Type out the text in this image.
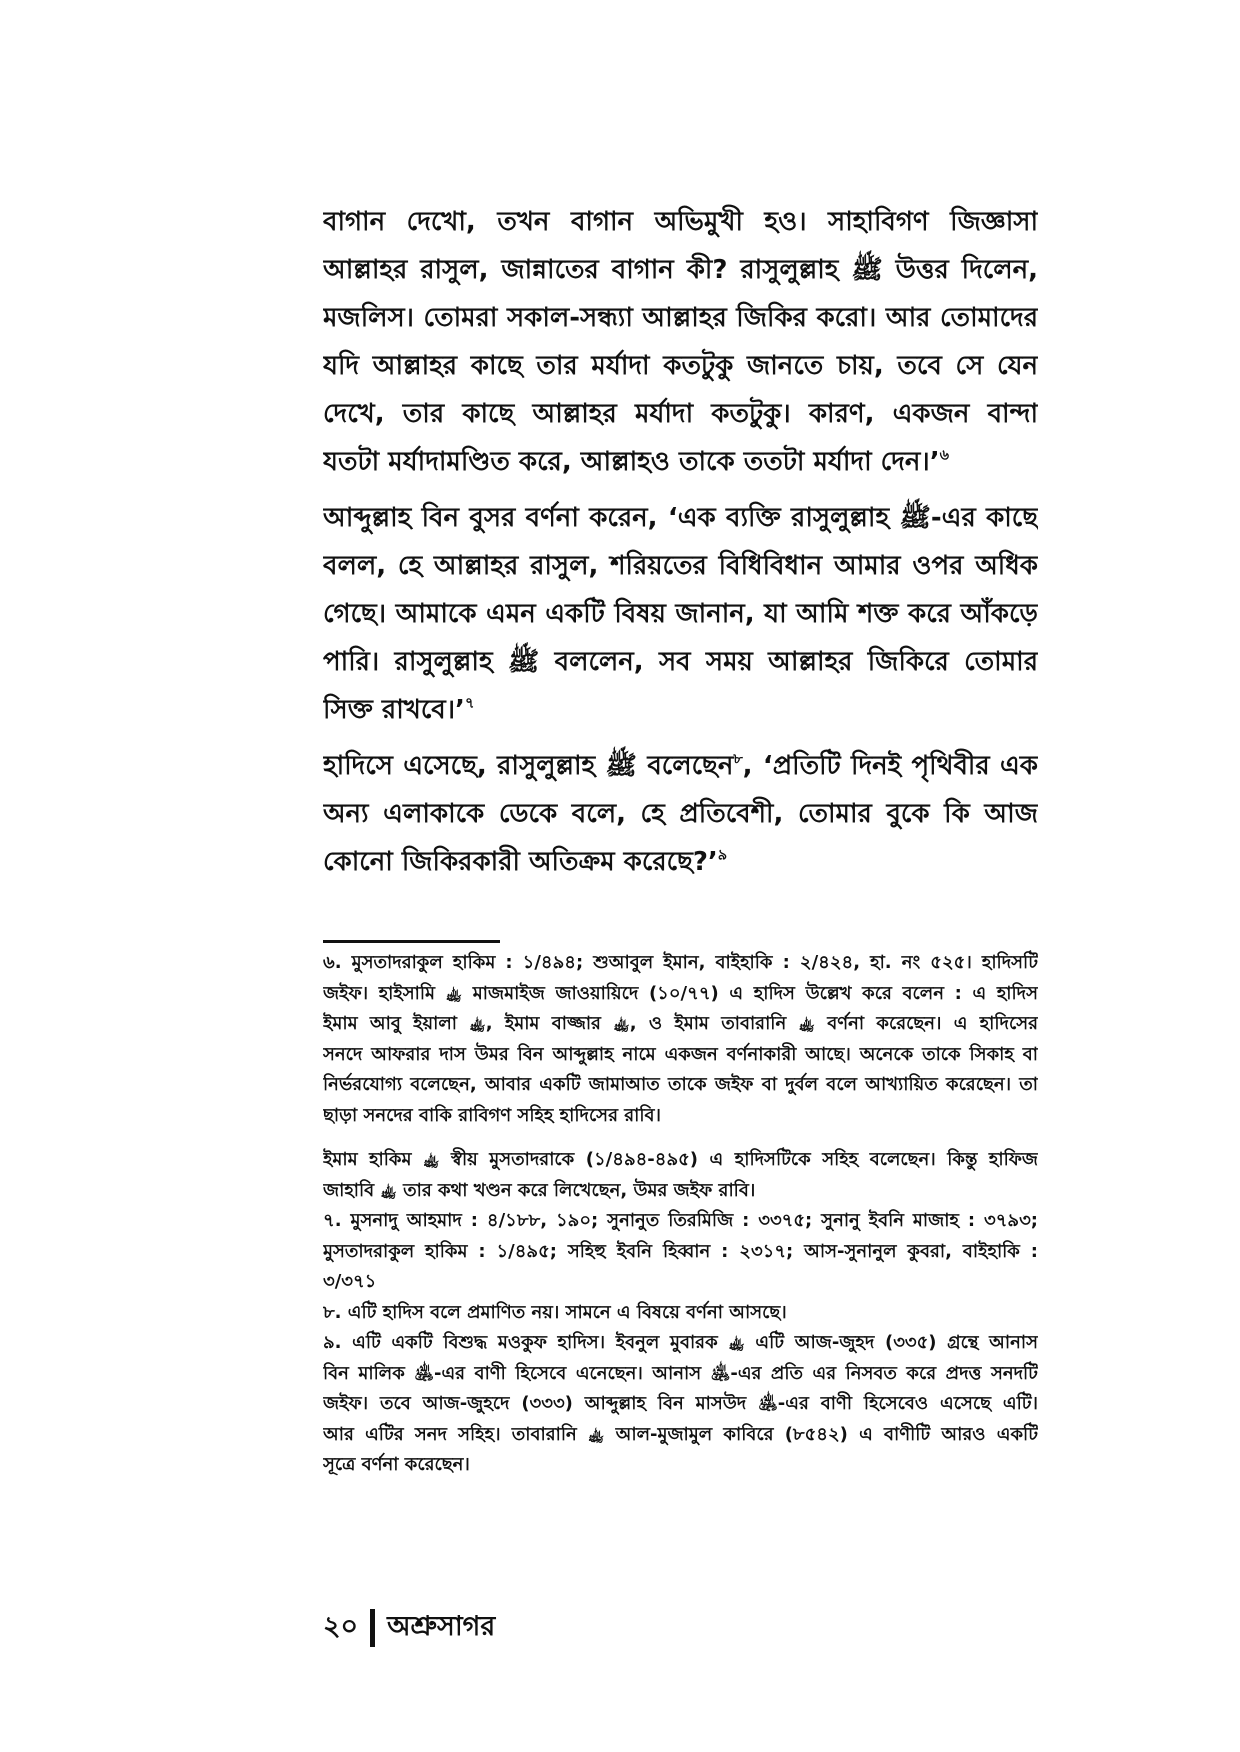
বাগান দেখো, তখন বাগান অভিমুখী হও। সাহাবিগণ জিজ্ঞাসা
আল্লাহর রাসুল, জান্নাতের বাগান কী? রাসুলুল্লাহ ﷺ উত্তর দিলেন,
মজলিস। তোমরা সকাল-সন্ধ্যা আল্লাহর জিকির করো। আর তোমাদের
যদি আল্লাহর কাছে তার মর্যাদা কতটুকু জানতে চায়, তবে সে যেন
দেখে, তার কাছে আল্লাহর মর্যাদা কতটুকু। কারণ, একজন বান্দা
যতটা মর্যাদামণ্ডিত করে, আল্লাহও তাকে ততটা মর্যাদা দেন।’$^৬$
আব্দুল্লাহ বিন বুসর বর্ণনা করেন, ‘এক ব্যক্তি রাসুলুল্লাহ ﷺ-এর কাছে
বলল, হে আল্লাহর রাসুল, শরিয়তের বিধিবিধান আমার ওপর অধিক
গেছে। আমাকে এমন একটি বিষয় জানান, যা আমি শক্ত করে আঁকড়ে
পারি। রাসুলুল্লাহ ﷺ বললেন, সব সময় আল্লাহর জিকিরে তোমার
সিক্ত রাখবে।’$^৭$
হাদিসে এসেছে, রাসুলুল্লাহ ﷺ বলেছেন$^৮$, ‘প্রতিটি দিনই পৃথিবীর এক
অন্য এলাকাকে ডেকে বলে, হে প্রতিবেশী, তোমার বুকে কি আজ
কোনো জিকিরকারী অতিক্রম করেছে?’$^৯$
৬. মুসতাদরাকুল হাকিম : ১/৪৯৪; শুআবুল ইমান, বাইহাকি : ২/৪২৪, হা. নং ৫২৫। হাদিসটি
জইফ। হাইসামি ﵀ মাজমাইজ জাওয়ায়িদে (১০/৭৭) এ হাদিস উল্লেখ করে বলেন : এ হাদিস
ইমাম আবু ইয়ালা ﵀, ইমাম বাজ্জার ﵀, ও ইমাম তাবারানি ﵀ বর্ণনা করেছেন। এ হাদিসের
সনদে আফরার দাস উমর বিন আব্দুল্লাহ নামে একজন বর্ণনাকারী আছে। অনেকে তাকে সিকাহ বা
নির্ভরযোগ্য বলেছেন, আবার একটি জামাআত তাকে জইফ বা দুর্বল বলে আখ্যায়িত করেছেন। তা
ছাড়া সনদের বাকি রাবিগণ সহিহ হাদিসের রাবি।
ইমাম হাকিম ﵀ স্বীয় মুসতাদরাকে (১/৪৯৪-৪৯৫) এ হাদিসটিকে সহিহ বলেছেন। কিন্তু হাফিজ
জাহাবি ﵀ তার কথা খণ্ডন করে লিখেছেন, উমর জইফ রাবি।
৭. মুসনাদু আহমাদ : ৪/১৮৮, ১৯০; সুনানুত তিরমিজি : ৩৩৭৫; সুনানু ইবনি মাজাহ : ৩৭৯৩;
মুসতাদরাকুল হাকিম : ১/৪৯৫; সহিহু ইবনি হিব্বান : ২৩১৭; আস-সুনানুল কুবরা, বাইহাকি :
৩/৩৭১
৮. এটি হাদিস বলে প্রমাণিত নয়। সামনে এ বিষয়ে বর্ণনা আসছে।
৯. এটি একটি বিশুদ্ধ মওকুফ হাদিস। ইবনুল মুবারক ﵀ এটি আজ-জুহদ (৩৩৫) গ্রন্থে আনাস
বিন মালিক ﵁-এর বাণী হিসেবে এনেছেন। আনাস ﵁-এর প্রতি এর নিসবত করে প্রদত্ত সনদটি
জইফ। তবে আজ-জুহদে (৩৩৩) আব্দুল্লাহ বিন মাসউদ ﵁-এর বাণী হিসেবেও এসেছে এটি।
আর এটির সনদ সহিহ। তাবারানি ﵀ আল-মুজামুল কাবিরে (৮৫৪২) এ বাণীটি আরও একটি
সূত্রে বর্ণনা করেছেন।
২০ অশ্রুসাগর
